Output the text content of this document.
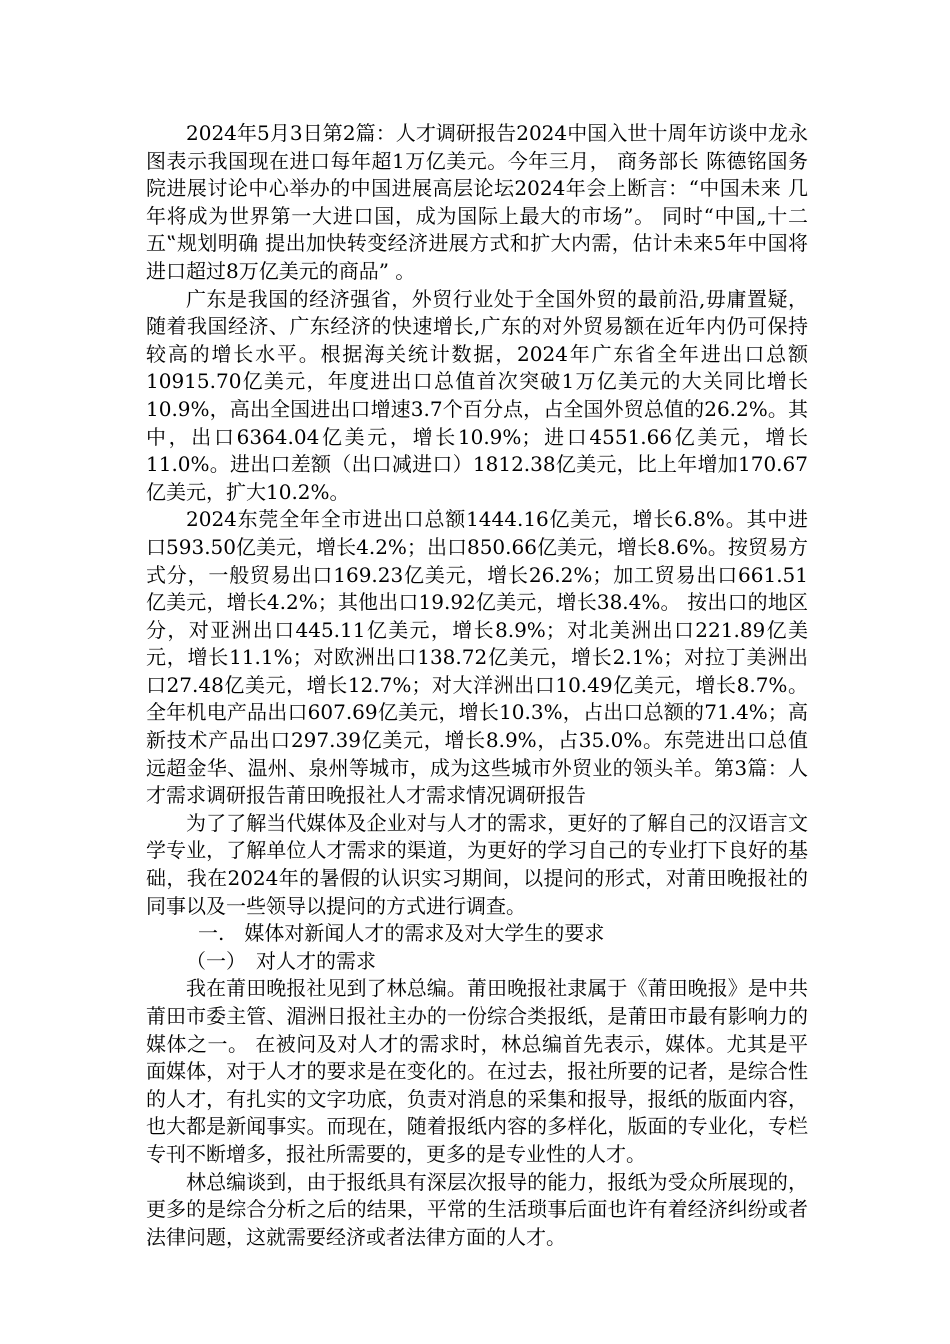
2024年5月3日第2篇：人才调研报告2024中国入世十周年访谈中龙永图表示我国现在进口每年超1万亿美元。今年三月， 商务部长 陈德铭国务院进展讨论中心举办的中国进展高层论坛2024年会上断言：“中国未来 几年将成为世界第一大进口国，成为国际上最大的市场”。 同时“中国„十二五‟规划明确 提出加快转变经济进展方式和扩大内需，估计未来5年中国将进口超过8万亿美元的商品” 。

广东是我国的经济强省，外贸行业处于全国外贸的最前沿,毋庸置疑，随着我国经济、广东经济的快速增长,广东的对外贸易额在近年内仍可保持较高的增长水平。根据海关统计数据，2024年广东省全年进出口总额10915.70亿美元，年度进出口总值首次突破1万亿美元的大关同比增长10.9%，高出全国进出口增速3.7个百分点，占全国外贸总值的26.2%。其中，出口6364.04亿美元，增长10.9%；进口4551.66亿美元，增长11.0%。进出口差额（出口减进口）1812.38亿美元，比上年增加170.67亿美元，扩大10.2%。

2024东莞全年全市进出口总额1444.16亿美元，增长6.8%。其中进口593.50亿美元，增长4.2%；出口850.66亿美元，增长8.6%。按贸易方式分，一般贸易出口169.23亿美元，增长26.2%；加工贸易出口661.51亿美元，增长4.2%；其他出口19.92亿美元，增长38.4%。 按出口的地区分，对亚洲出口445.11亿美元，增长8.9%；对北美洲出口221.89亿美元，增长11.1%；对欧洲出口138.72亿美元，增长2.1%；对拉丁美洲出口27.48亿美元，增长12.7%；对大洋洲出口10.49亿美元，增长8.7%。全年机电产品出口607.69亿美元，增长10.3%，占出口总额的71.4%；高新技术产品出口297.39亿美元，增长8.9%，占35.0%。东莞进出口总值远超金华、温州、泉州等城市，成为这些城市外贸业的领头羊。第3篇：人才需求调研报告莆田晚报社人才需求情况调研报告

为了了解当代媒体及企业对与人才的需求，更好的了解自己的汉语言文学专业，了解单位人才需求的渠道，为更好的学习自己的专业打下良好的基础，我在2024年的暑假的认识实习期间，以提问的形式，对莆田晚报社的同事以及一些领导以提问的方式进行调查。

一.　媒体对新闻人才的需求及对大学生的要求

（一）　对人才的需求

我在莆田晚报社见到了林总编。莆田晚报社隶属于《莆田晚报》是中共莆田市委主管、湄洲日报社主办的一份综合类报纸，是莆田市最有影响力的媒体之一。 在被问及对人才的需求时，林总编首先表示，媒体。尤其是平面媒体，对于人才的要求是在变化的。在过去，报社所要的记者，是综合性的人才，有扎实的文字功底，负责对消息的采集和报导，报纸的版面内容，也大都是新闻事实。而现在，随着报纸内容的多样化，版面的专业化，专栏专刊不断增多，报社所需要的，更多的是专业性的人才。

林总编谈到，由于报纸具有深层次报导的能力，报纸为受众所展现的，更多的是综合分析之后的结果，平常的生活琐事后面也许有着经济纠纷或者法律问题，这就需要经济或者法律方面的人才。
